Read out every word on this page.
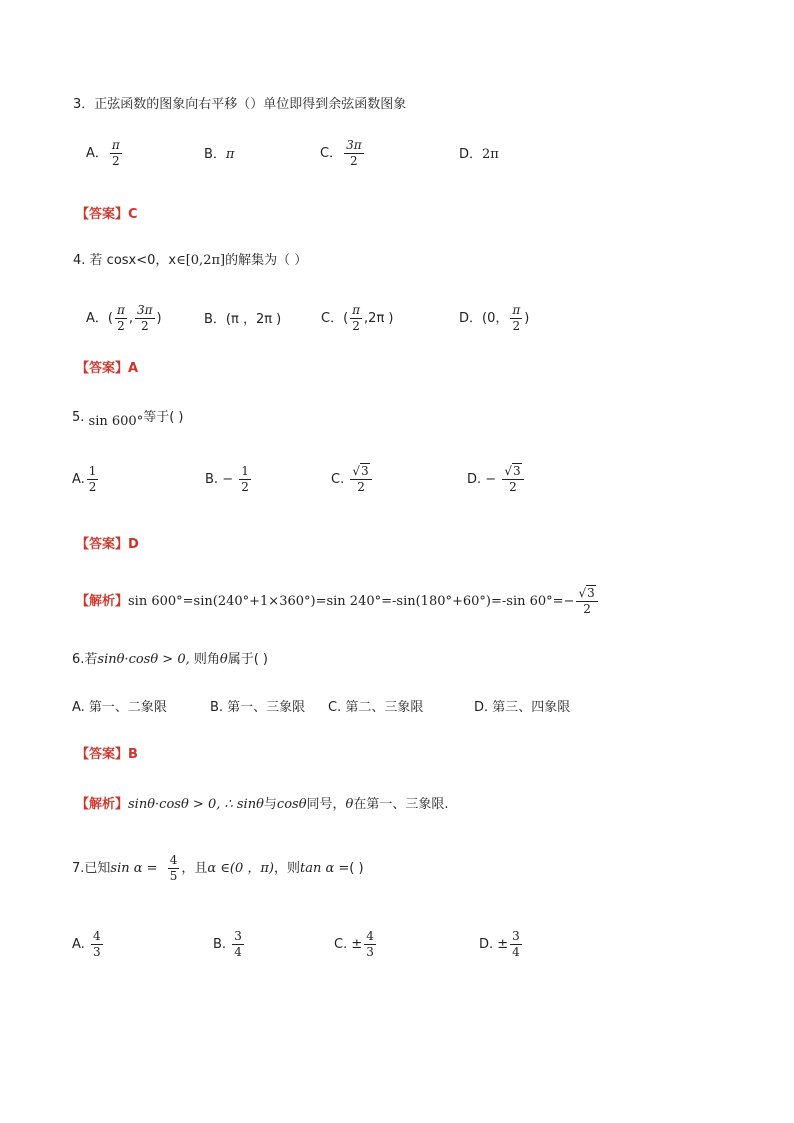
3．正弦函数的图象向右平移（）单位即得到余弦函数图象
A． $\frac{\pi}{2}$	B．π	C． $\frac{3\pi}{2}$	D．2π
【答案】C
4. 若 cosx<0，x∈[0,2π]的解集为（ ）
A．( $\frac{\pi}{2}$ , $\frac{3\pi}{2}$ )	B．(π ，2π )	C．( $\frac{\pi}{2} ,2\pi$ )	D．(0， $\frac{\pi}{2}$ )
【答案】A
5. sin 600°等于( )
A. $\frac{1}{2}$	B. − $\frac{1}{2}$	C. $\frac{√3}{2}$	D. − $\frac{√3}{2}$
【答案】D
【解析】sin 600°=sin(240°+1×360°)=sin 240°=-sin(180°+60°)=-sin $60^\circ=- \frac{√3}{2}$
6.若sinθ·cosθ > 0, 则角θ属于( )
A. 第一、二象限	B. 第一、三象限 C. 第二、三象限	D. 第三、四象限
【答案】B
【解析】sinθ·cosθ > 0, ∴ sinθ与cosθ同号，θ在第一、三象限.
7.已知$\sin \alpha = \frac{4}{5}$ ，且α ∈(0 ，π)，则tan α =( )
A. $\frac{4}{3}$	B. $\frac{3}{4}$	C. ± $\frac{4}{3}$	D. ± $\frac{3}{4}$
